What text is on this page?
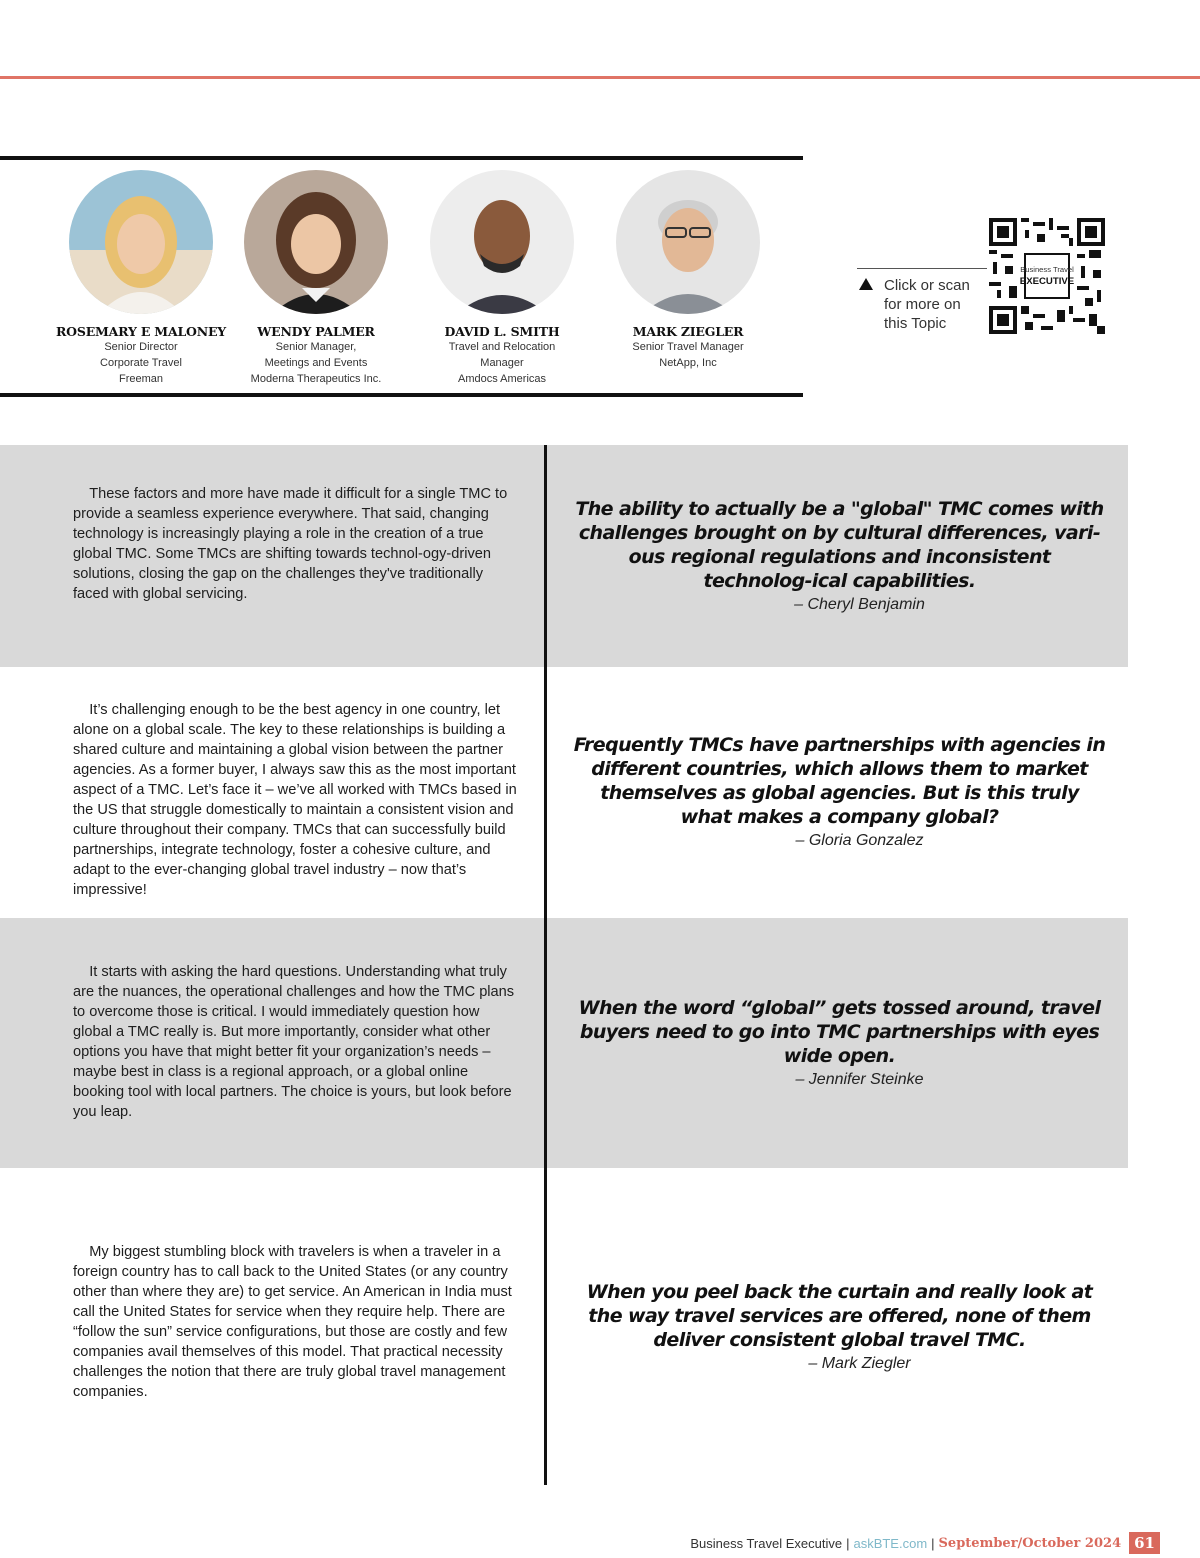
ROSEMARY E MALONEY
Senior Director
Corporate Travel
Freeman
WENDY PALMER
Senior Manager,
Meetings and Events
Moderna Therapeutics Inc.
DAVID L. SMITH
Travel and Relocation
Manager
Amdocs Americas
MARK ZIEGLER
Senior Travel Manager
NetApp, Inc
Click or scan
for more on
this Topic
Business Travel
EXECUTIVE
These factors and more have made it difficult for a single TMC to provide a seamless experience everywhere. That said, changing technology is increasingly playing a role in the creation of a true global TMC. Some TMCs are shifting towards technol-ogy-driven solutions, closing the gap on the challenges they've traditionally faced with global servicing.
The ability to actually be a "global" TMC comes with challenges brought on by cultural differences, vari-ous regional regulations and inconsistent technolog-ical capabilities.
– Cheryl Benjamin
It’s challenging enough to be the best agency in one country, let alone on a global scale. The key to these relationships is building a shared culture and maintaining a global vision between the partner agencies. As a former buyer, I always saw this as the most important aspect of a TMC. Let’s face it – we’ve all worked with TMCs based in the US that struggle domestically to maintain a consistent vision and culture throughout their company. TMCs that can successfully build partnerships, integrate technology, foster a cohesive culture, and adapt to the ever-changing global travel industry – now that’s impressive!
Frequently TMCs have partnerships with agencies in different countries, which allows them to market themselves as global agencies. But is this truly what makes a company global?
– Gloria Gonzalez
It starts with asking the hard questions. Understanding what truly are the nuances, the operational challenges and how the TMC plans to overcome those is critical. I would immediately question how global a TMC really is. But more importantly, consider what other options you have that might better fit your organization’s needs – maybe best in class is a regional approach, or a global online booking tool with local partners. The choice is yours, but look before you leap.
When the word “global” gets tossed around, travel buyers need to go into TMC partnerships with eyes wide open.
– Jennifer Steinke
My biggest stumbling block with travelers is when a traveler in a foreign country has to call back to the United States (or any country other than where they are) to get service. An American in India must call the United States for service when they require help. There are “follow the sun” service configurations, but those are costly and few companies avail themselves of this model. That practical necessity challenges the notion that there are truly global travel management companies.
When you peel back the curtain and really look at the way travel services are offered, none of them deliver consistent global travel TMC.
– Mark Ziegler
Business Travel Executive | askBTE.com | September/October 2024 61
